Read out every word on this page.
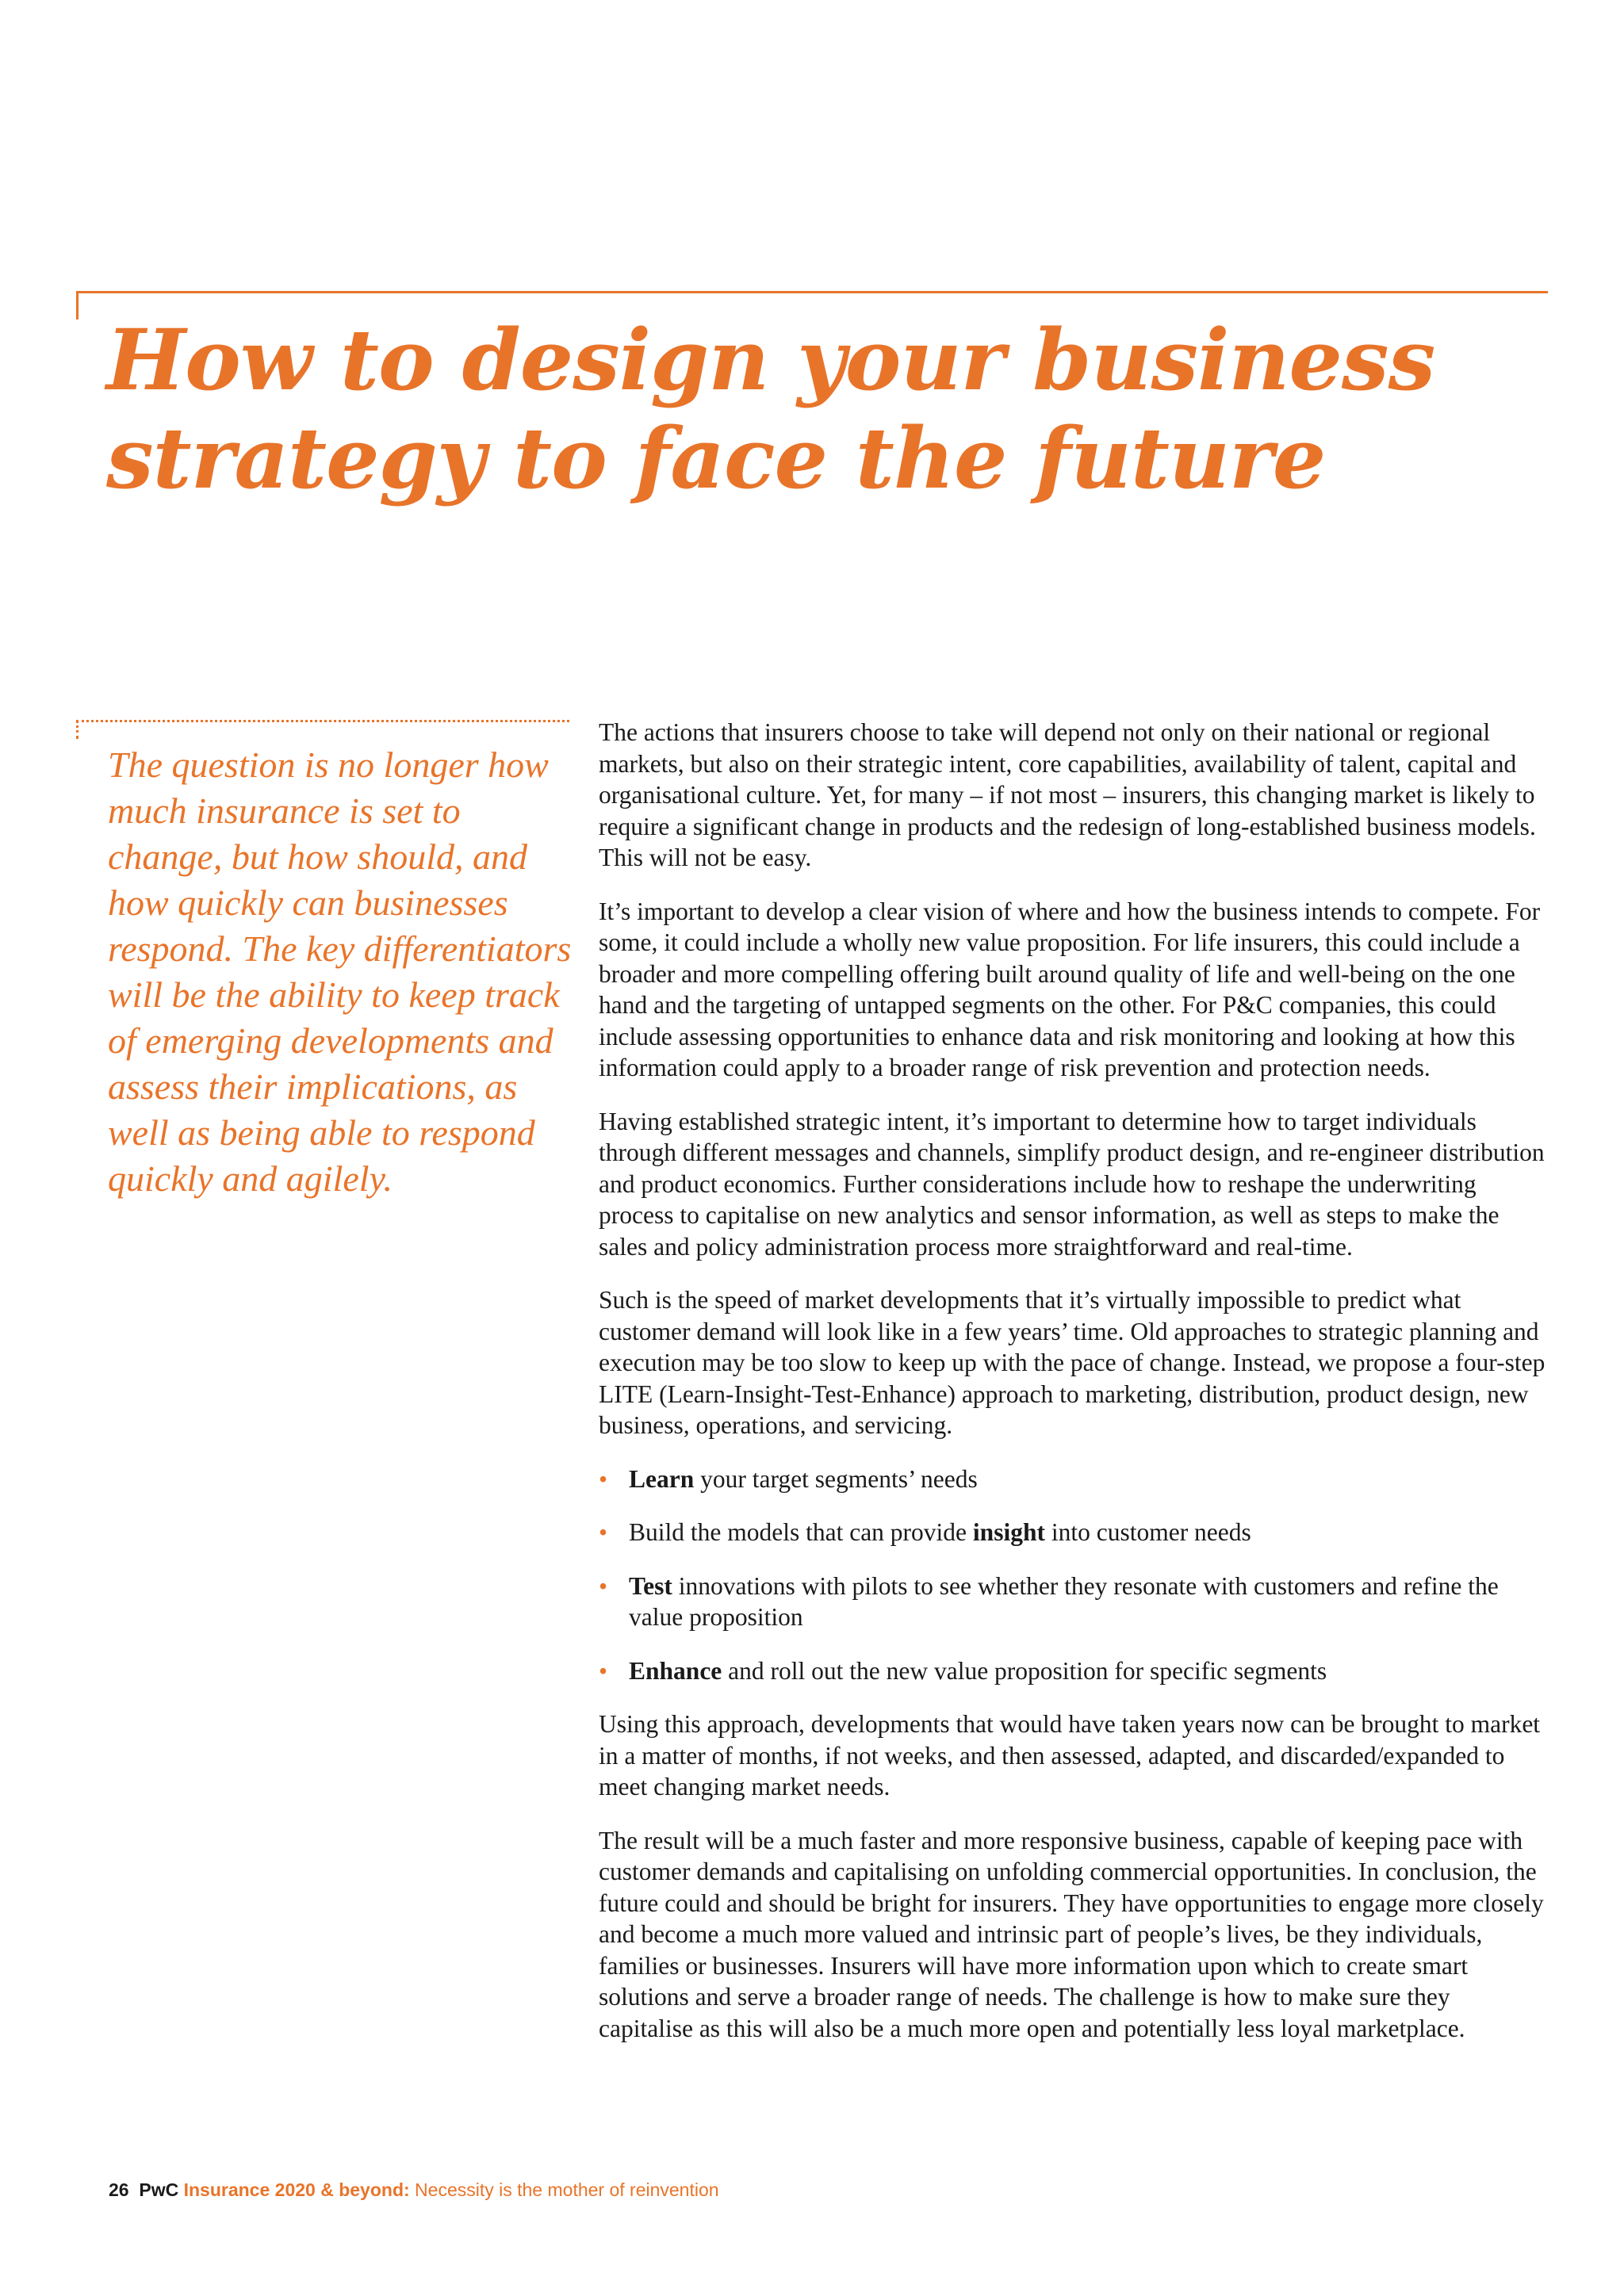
How to design your business strategy to face the future

The question is no longer how much insurance is set to change, but how should, and how quickly can businesses respond. The key differentiators will be the ability to keep track of emerging developments and assess their implications, as well as being able to respond quickly and agilely.

The actions that insurers choose to take will depend not only on their national or regional markets, but also on their strategic intent, core capabilities, availability of talent, capital and organisational culture. Yet, for many – if not most – insurers, this changing market is likely to require a significant change in products and the redesign of long-established business models. This will not be easy.

It’s important to develop a clear vision of where and how the business intends to compete. For some, it could include a wholly new value proposition. For life insurers, this could include a broader and more compelling offering built around quality of life and well-being on the one hand and the targeting of untapped segments on the other. For P&C companies, this could include assessing opportunities to enhance data and risk monitoring and looking at how this information could apply to a broader range of risk prevention and protection needs.

Having established strategic intent, it’s important to determine how to target individuals through different messages and channels, simplify product design, and re-engineer distribution and product economics. Further considerations include how to reshape the underwriting process to capitalise on new analytics and sensor information, as well as steps to make the sales and policy administration process more straightforward and real-time.

Such is the speed of market developments that it’s virtually impossible to predict what customer demand will look like in a few years’ time. Old approaches to strategic planning and execution may be too slow to keep up with the pace of change. Instead, we propose a four-step LITE (Learn-Insight-Test-Enhance) approach to marketing, distribution, product design, new business, operations, and servicing.

• Learn your target segments’ needs
• Build the models that can provide insight into customer needs
• Test innovations with pilots to see whether they resonate with customers and refine the value proposition
• Enhance and roll out the new value proposition for specific segments

Using this approach, developments that would have taken years now can be brought to market in a matter of months, if not weeks, and then assessed, adapted, and discarded/expanded to meet changing market needs.

The result will be a much faster and more responsive business, capable of keeping pace with customer demands and capitalising on unfolding commercial opportunities. In conclusion, the future could and should be bright for insurers. They have opportunities to engage more closely and become a much more valued and intrinsic part of people’s lives, be they individuals, families or businesses. Insurers will have more information upon which to create smart solutions and serve a broader range of needs. The challenge is how to make sure they capitalise as this will also be a much more open and potentially less loyal marketplace.

26 PwC Insurance 2020 & beyond: Necessity is the mother of reinvention
